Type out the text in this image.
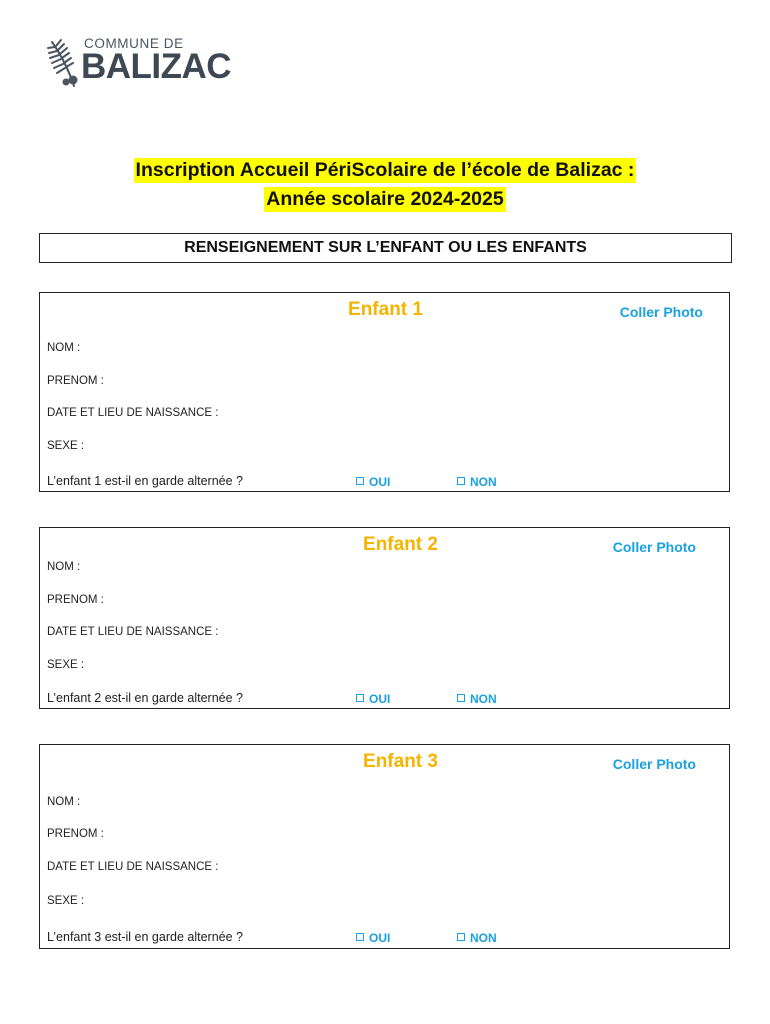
COMMUNE DE
BALIZAC
Inscription Accueil PériScolaire de l’école de Balizac :
Année scolaire 2024-2025
RENSEIGNEMENT SUR L’ENFANT OU LES ENFANTS
Enfant 1	Coller Photo
NOM :
PRENOM :
DATE ET LIEU DE NAISSANCE :
SEXE :
L’enfant 1 est-il en garde alternée ?	OUI	NON
Enfant 2	Coller Photo
NOM :
PRENOM :
DATE ET LIEU DE NAISSANCE :
SEXE :
L’enfant 2 est-il en garde alternée ?	OUI	NON
Enfant 3	Coller Photo
NOM :
PRENOM :
DATE ET LIEU DE NAISSANCE :
SEXE :
L’enfant 3 est-il en garde alternée ?	OUI	NON
